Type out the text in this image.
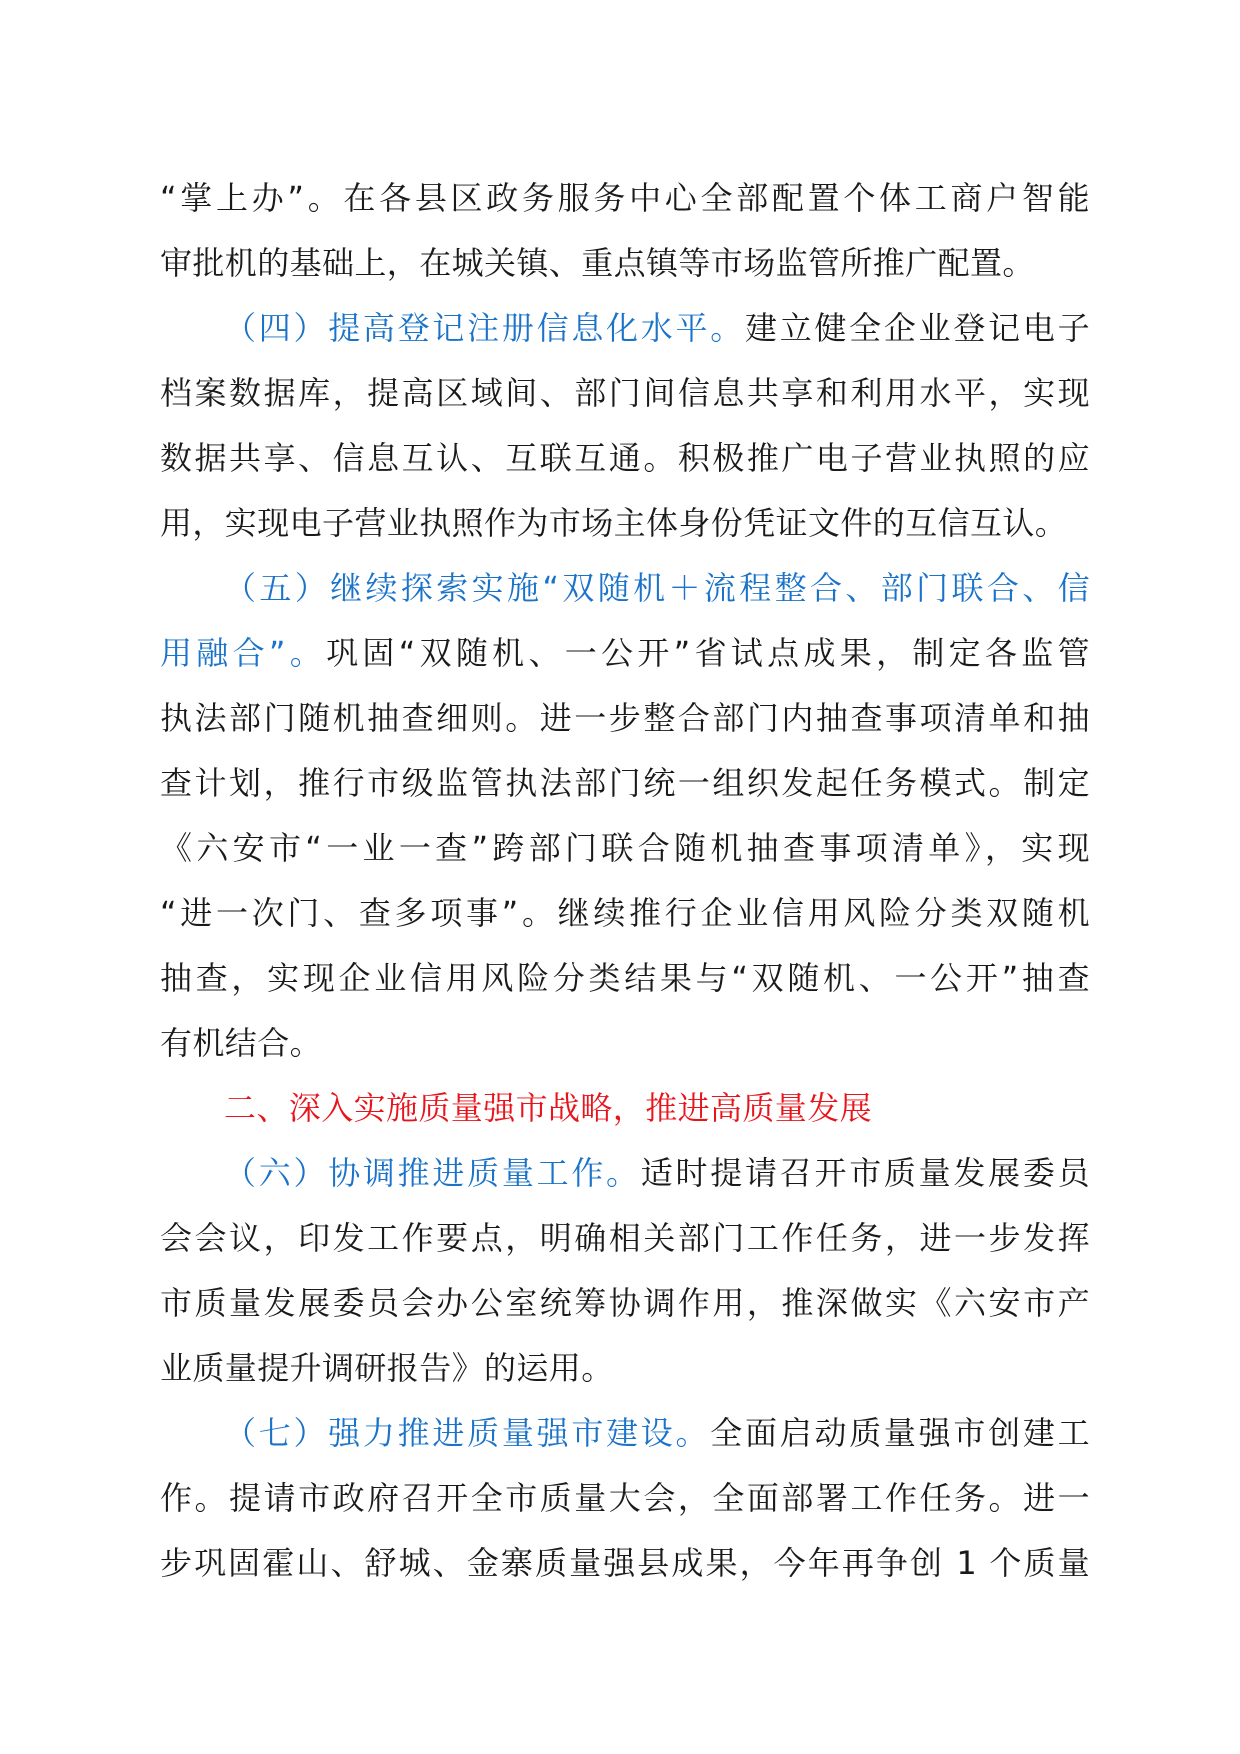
“掌上办”。在各县区政务服务中心全部配置个体工商户智能
审批机的基础上，在城关镇、重点镇等市场监管所推广配置。
（四）提高登记注册信息化水平。建立健全企业登记电子
档案数据库，提高区域间、部门间信息共享和利用水平，实现
数据共享、信息互认、互联互通。积极推广电子营业执照的应
用，实现电子营业执照作为市场主体身份凭证文件的互信互认。
（五）继续探索实施“双随机＋流程整合、部门联合、信
用融合”。巩固“双随机、一公开”省试点成果，制定各监管
执法部门随机抽查细则。进一步整合部门内抽查事项清单和抽
查计划，推行市级监管执法部门统一组织发起任务模式。制定
《六安市“一业一查”跨部门联合随机抽查事项清单》，实现
“进一次门、查多项事”。继续推行企业信用风险分类双随机
抽查，实现企业信用风险分类结果与“双随机、一公开”抽查
有机结合。
二、深入实施质量强市战略，推进高质量发展
（六）协调推进质量工作。适时提请召开市质量发展委员
会会议，印发工作要点，明确相关部门工作任务，进一步发挥
市质量发展委员会办公室统筹协调作用，推深做实《六安市产
业质量提升调研报告》的运用。
（七）强力推进质量强市建设。全面启动质量强市创建工
作。提请市政府召开全市质量大会，全面部署工作任务。进一
步巩固霍山、舒城、金寨质量强县成果，今年再争创 1 个质量
